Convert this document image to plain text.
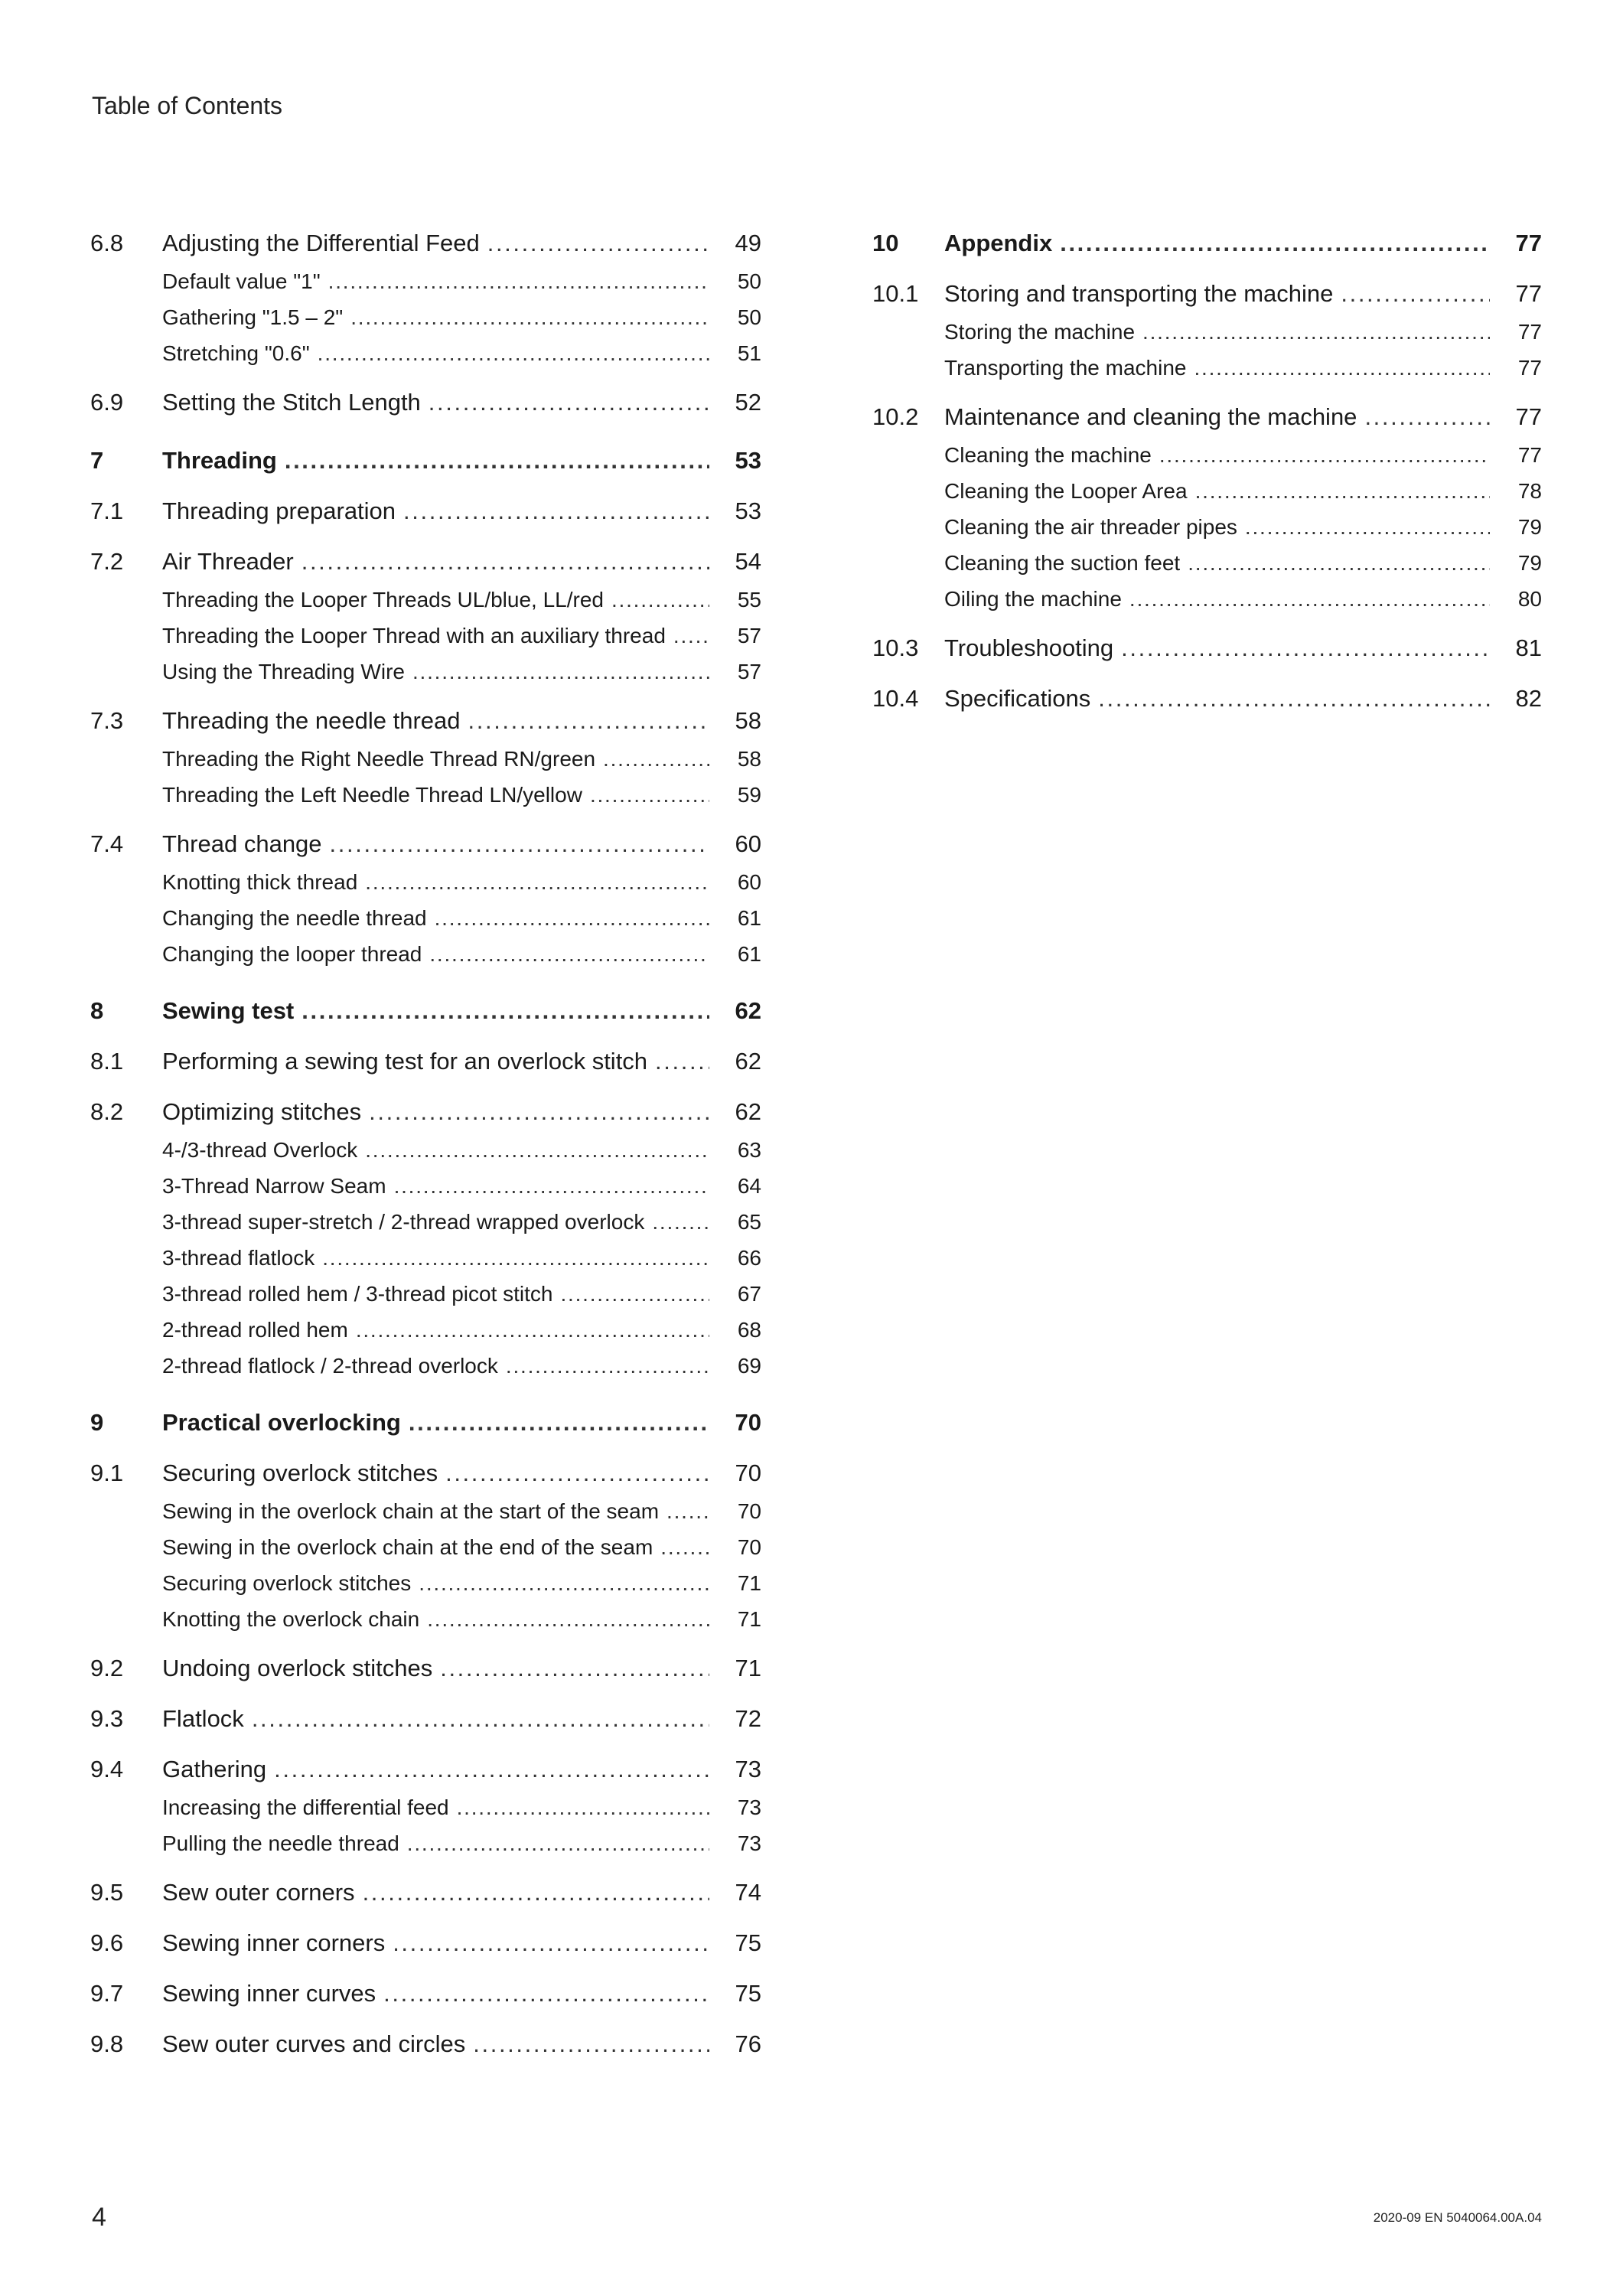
Table of Contents
6.8	Adjusting the Differential Feed . . .	49
Default value "1" . . .	50
Gathering "1.5 – 2" . . .	50
Stretching "0.6" . . .	51
6.9	Setting the Stitch Length . . .	52
7	Threading . . .	53
7.1	Threading preparation . . .	53
7.2	Air Threader . . .	54
Threading the Looper Threads UL/blue, LL/red . . .	55
Threading the Looper Thread with an auxiliary thread . . .	57
Using the Threading Wire . . .	57
7.3	Threading the needle thread . . .	58
Threading the Right Needle Thread RN/green . . .	58
Threading the Left Needle Thread LN/yellow . . .	59
7.4	Thread change . . .	60
Knotting thick thread . . .	60
Changing the needle thread . . .	61
Changing the looper thread . . .	61
8	Sewing test . . .	62
8.1	Performing a sewing test for an overlock stitch . . .	62
8.2	Optimizing stitches . . .	62
4-/3-thread Overlock . . .	63
3-Thread Narrow Seam . . .	64
3-thread super-stretch / 2-thread wrapped overlock . . .	65
3-thread flatlock . . .	66
3-thread rolled hem / 3-thread picot stitch . . .	67
2-thread rolled hem . . .	68
2-thread flatlock / 2-thread overlock . . .	69
9	Practical overlocking . . .	70
9.1	Securing overlock stitches . . .	70
Sewing in the overlock chain at the start of the seam . . .	70
Sewing in the overlock chain at the end of the seam . . .	70
Securing overlock stitches . . .	71
Knotting the overlock chain . . .	71
9.2	Undoing overlock stitches . . .	71
9.3	Flatlock . . .	72
9.4	Gathering . . .	73
Increasing the differential feed . . .	73
Pulling the needle thread . . .	73
9.5	Sew outer corners . . .	74
9.6	Sewing inner corners . . .	75
9.7	Sewing inner curves . . .	75
9.8	Sew outer curves and circles . . .	76
10	Appendix . . .	77
10.1	Storing and transporting the machine . . .	77
Storing the machine . . .	77
Transporting the machine . . .	77
10.2	Maintenance and cleaning the machine . . .	77
Cleaning the machine . . .	77
Cleaning the Looper Area . . .	78
Cleaning the air threader pipes . . .	79
Cleaning the suction feet . . .	79
Oiling the machine . . .	80
10.3	Troubleshooting . . .	81
10.4	Specifications . . .	82
4	2020-09 EN 5040064.00A.04
